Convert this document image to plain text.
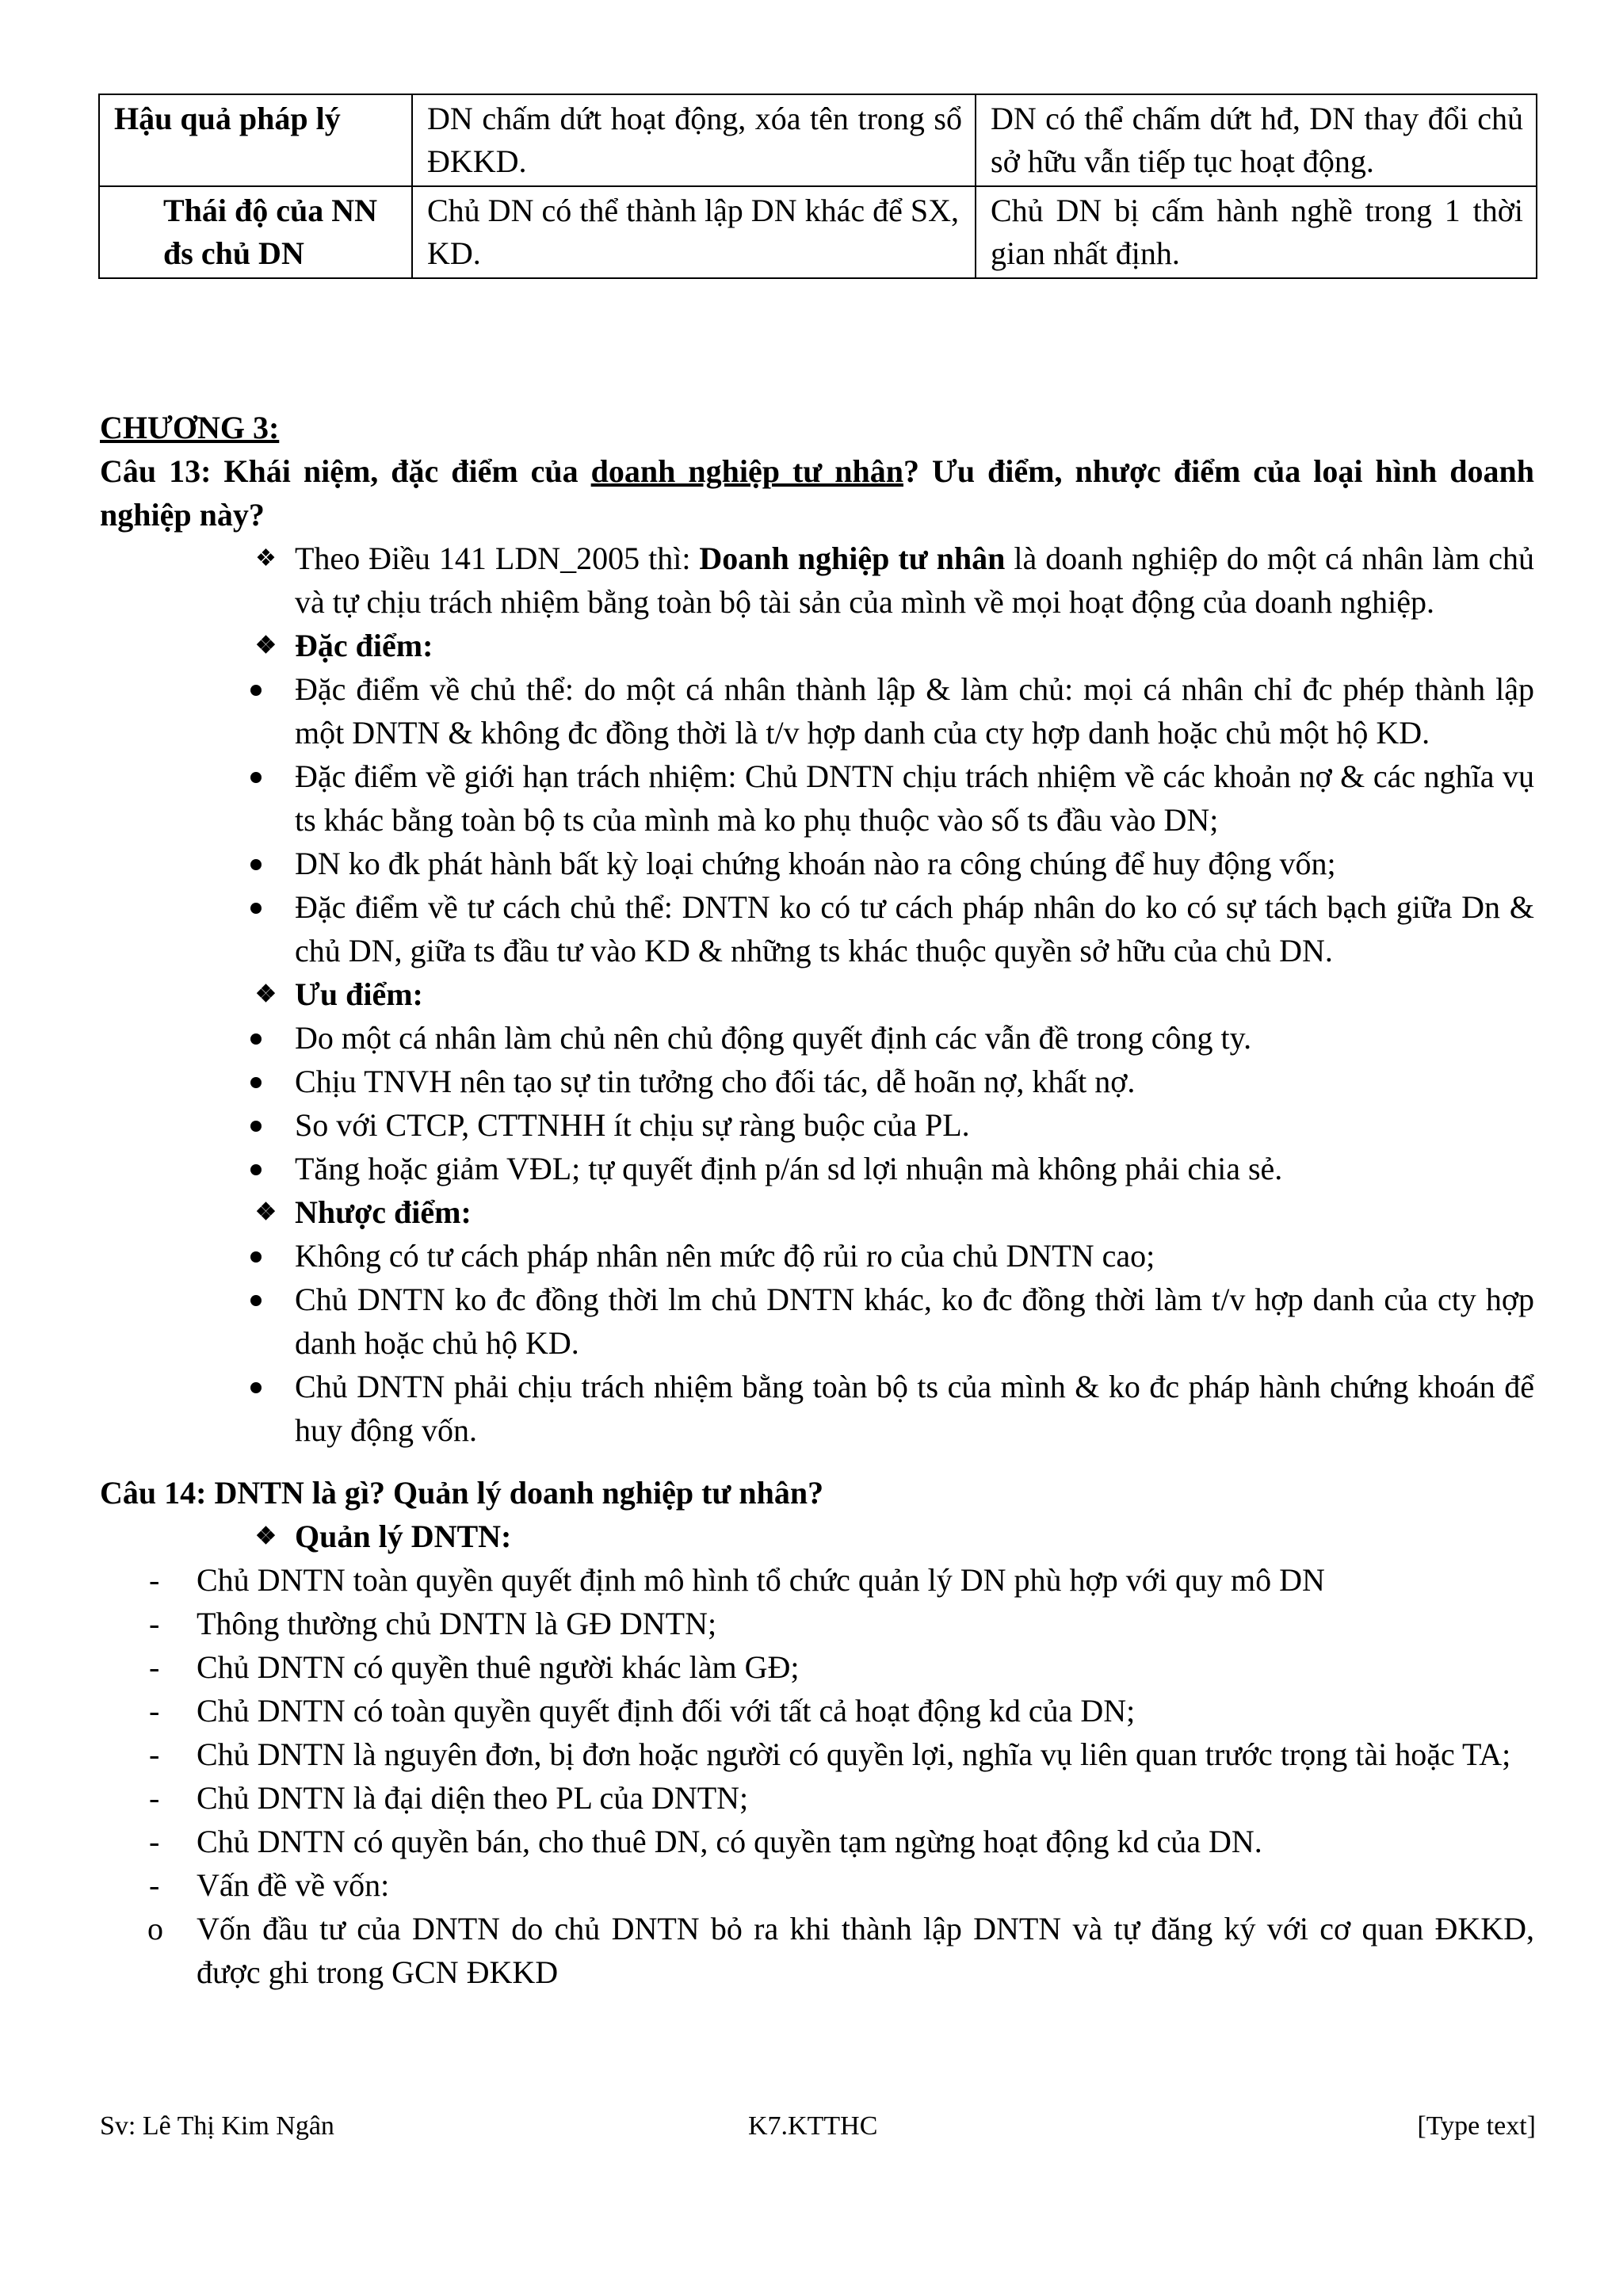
Hậu quả pháp lý	DN chấm dứt hoạt động, xóa tên trong sổ ĐKKD.	DN có thể chấm dứt hđ, DN thay đổi chủ sở hữu vẫn tiếp tục hoạt động.
Thái độ của NN đs chủ DN	Chủ DN có thể thành lập DN khác để SX, KD.	Chủ DN bị cấm hành nghề trong 1 thời gian nhất định.

CHƯƠNG 3:

Câu 13: Khái niệm, đặc điểm của doanh nghiệp tư nhân? Ưu điểm, nhược điểm của loại hình doanh nghiệp này?

❖ Theo Điều 141 LDN_2005 thì: Doanh nghiệp tư nhân là doanh nghiệp do một cá nhân làm chủ và tự chịu trách nhiệm bằng toàn bộ tài sản của mình về mọi hoạt động của doanh nghiệp.
❖ Đặc điểm:
Đặc điểm về chủ thể: do một cá nhân thành lập & làm chủ: mọi cá nhân chỉ đc phép thành lập một DNTN & không đc đồng thời là t/v hợp danh của cty hợp danh hoặc chủ một hộ KD.
Đặc điểm về giới hạn trách nhiệm: Chủ DNTN chịu trách nhiệm về các khoản nợ & các nghĩa vụ ts khác bằng toàn bộ ts của mình mà ko phụ thuộc vào số ts đầu vào DN;
DN ko đk phát hành bất kỳ loại chứng khoán nào ra công chúng để huy động vốn;
Đặc điểm về tư cách chủ thể: DNTN ko có tư cách pháp nhân do ko có sự tách bạch giữa Dn & chủ DN, giữa ts đầu tư vào KD & những ts khác thuộc quyền sở hữu của chủ DN.
❖ Ưu điểm:
Do một cá nhân làm chủ nên chủ động quyết định các vẫn đề trong công ty.
Chịu TNVH nên tạo sự tin tưởng cho đối tác, dễ hoãn nợ, khất nợ.
So với CTCP, CTTNHH ít chịu sự ràng buộc của PL.
Tăng hoặc giảm VĐL; tự quyết định p/án sd lợi nhuận mà không phải chia sẻ.
❖ Nhược điểm:
Không có tư cách pháp nhân nên mức độ rủi ro của chủ DNTN cao;
Chủ DNTN ko đc đồng thời lm chủ DNTN khác, ko đc đồng thời làm t/v hợp danh của cty hợp danh hoặc chủ hộ KD.
Chủ DNTN phải chịu trách nhiệm bằng toàn bộ ts của mình & ko đc pháp hành chứng khoán để huy động vốn.

Câu 14: DNTN là gì? Quản lý doanh nghiệp tư nhân?

❖ Quản lý DNTN:
- Chủ DNTN toàn quyền quyết định mô hình tổ chức quản lý DN phù hợp với quy mô DN
- Thông thường chủ DNTN là GĐ DNTN;
- Chủ DNTN có quyền thuê người khác làm GĐ;
- Chủ DNTN có toàn quyền quyết định đối với tất cả hoạt động kd của DN;
- Chủ DNTN là nguyên đơn, bị đơn hoặc người có quyền lợi, nghĩa vụ liên quan trước trọng tài hoặc TA;
- Chủ DNTN là đại diện theo PL của DNTN;
- Chủ DNTN có quyền bán, cho thuê DN, có quyền tạm ngừng hoạt động kd của DN.
- Vấn đề về vốn:
o Vốn đầu tư của DNTN do chủ DNTN bỏ ra khi thành lập DNTN và tự đăng ký với cơ quan ĐKKD, được ghi trong GCN ĐKKD
Sv: Lê Thị Kim Ngân	K7.KTTHC	[Type text]
